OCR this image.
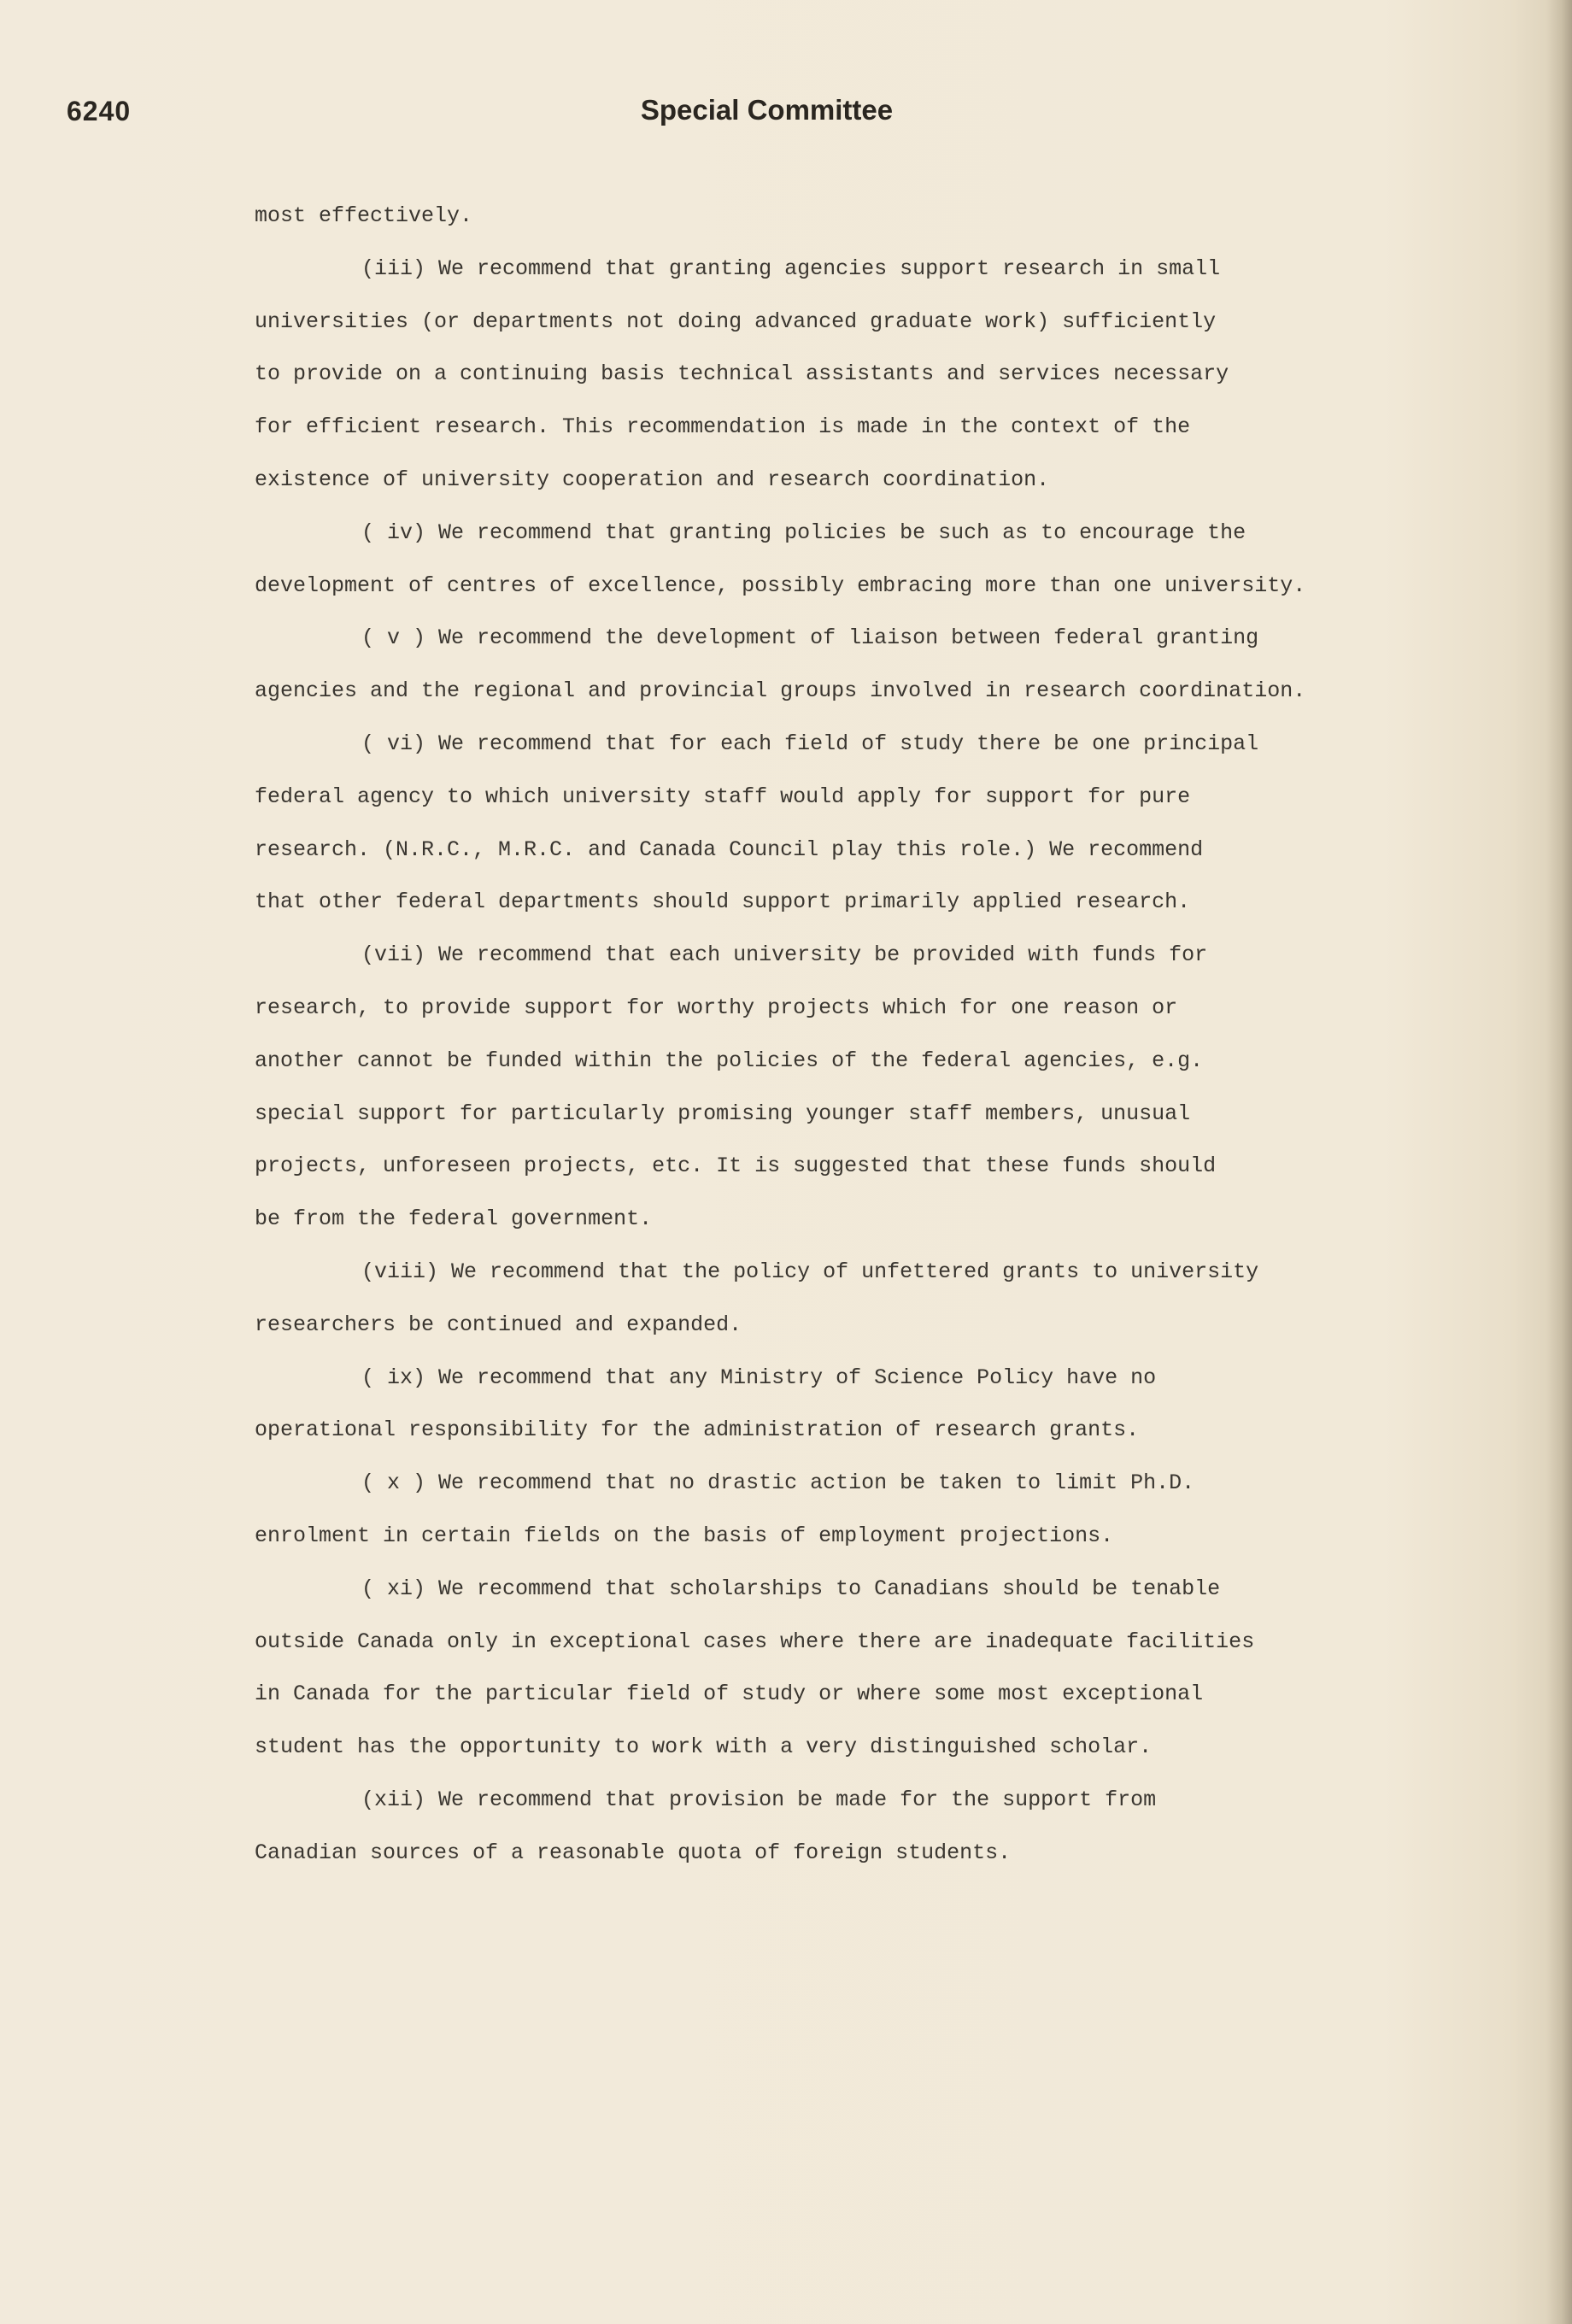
6240	Special Committee
most effectively.
(iii) We recommend that granting agencies support research in small
universities (or departments not doing advanced graduate work) sufficiently
to provide on a continuing basis technical assistants and services necessary
for efficient research. This recommendation is made in the context of the
existence of university cooperation and research coordination.
( iv) We recommend that granting policies be such as to encourage the
development of centres of excellence, possibly embracing more than one university.
( v ) We recommend the development of liaison between federal granting
agencies and the regional and provincial groups involved in research coordination.
( vi) We recommend that for each field of study there be one principal
federal agency to which university staff would apply for support for pure
research. (N.R.C., M.R.C. and Canada Council play this role.) We recommend
that other federal departments should support primarily applied research.
(vii) We recommend that each university be provided with funds for
research, to provide support for worthy projects which for one reason or
another cannot be funded within the policies of the federal agencies, e.g.
special support for particularly promising younger staff members, unusual
projects, unforeseen projects, etc. It is suggested that these funds should
be from the federal government.
(viii) We recommend that the policy of unfettered grants to university
researchers be continued and expanded.
( ix) We recommend that any Ministry of Science Policy have no
operational responsibility for the administration of research grants.
( x ) We recommend that no drastic action be taken to limit Ph.D.
enrolment in certain fields on the basis of employment projections.
( xi) We recommend that scholarships to Canadians should be tenable
outside Canada only in exceptional cases where there are inadequate facilities
in Canada for the particular field of study or where some most exceptional
student has the opportunity to work with a very distinguished scholar.
(xii) We recommend that provision be made for the support from
Canadian sources of a reasonable quota of foreign students.
